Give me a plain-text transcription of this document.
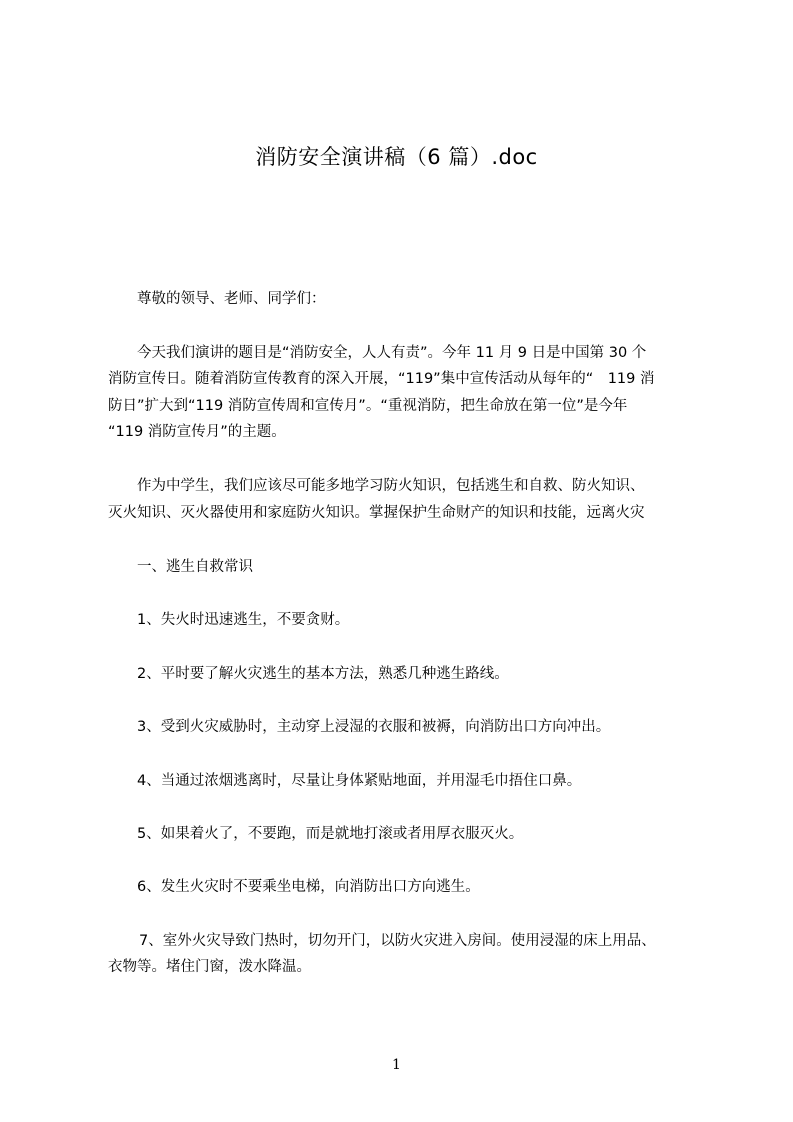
消防安全演讲稿（6 篇）.doc
尊敬的领导、老师、同学们：
今天我们演讲的题目是“消防安全，人人有责”。今年 11 月 9 日是中国第 30 个
消防宣传日。随着消防宣传教育的深入开展，“119”集中宣传活动从每年的“　119 消
防日”扩大到“119 消防宣传周和宣传月”。“重视消防，把生命放在第一位”是今年
“119 消防宣传月”的主题。
作为中学生，我们应该尽可能多地学习防火知识，包括逃生和自救、防火知识、
灭火知识、灭火器使用和家庭防火知识。掌握保护生命财产的知识和技能，远离火灾
一、逃生自救常识
1、失火时迅速逃生，不要贪财。
2、平时要了解火灾逃生的基本方法，熟悉几种逃生路线。
3、受到火灾威胁时，主动穿上浸湿的衣服和被褥，向消防出口方向冲出。
4、当通过浓烟逃离时，尽量让身体紧贴地面，并用湿毛巾捂住口鼻。
5、如果着火了，不要跑，而是就地打滚或者用厚衣服灭火。
6、发生火灾时不要乘坐电梯，向消防出口方向逃生。
7、室外火灾导致门热时，切勿开门，以防火灾进入房间。使用浸湿的床上用品、
衣物等。堵住门窗，泼水降温。
1
